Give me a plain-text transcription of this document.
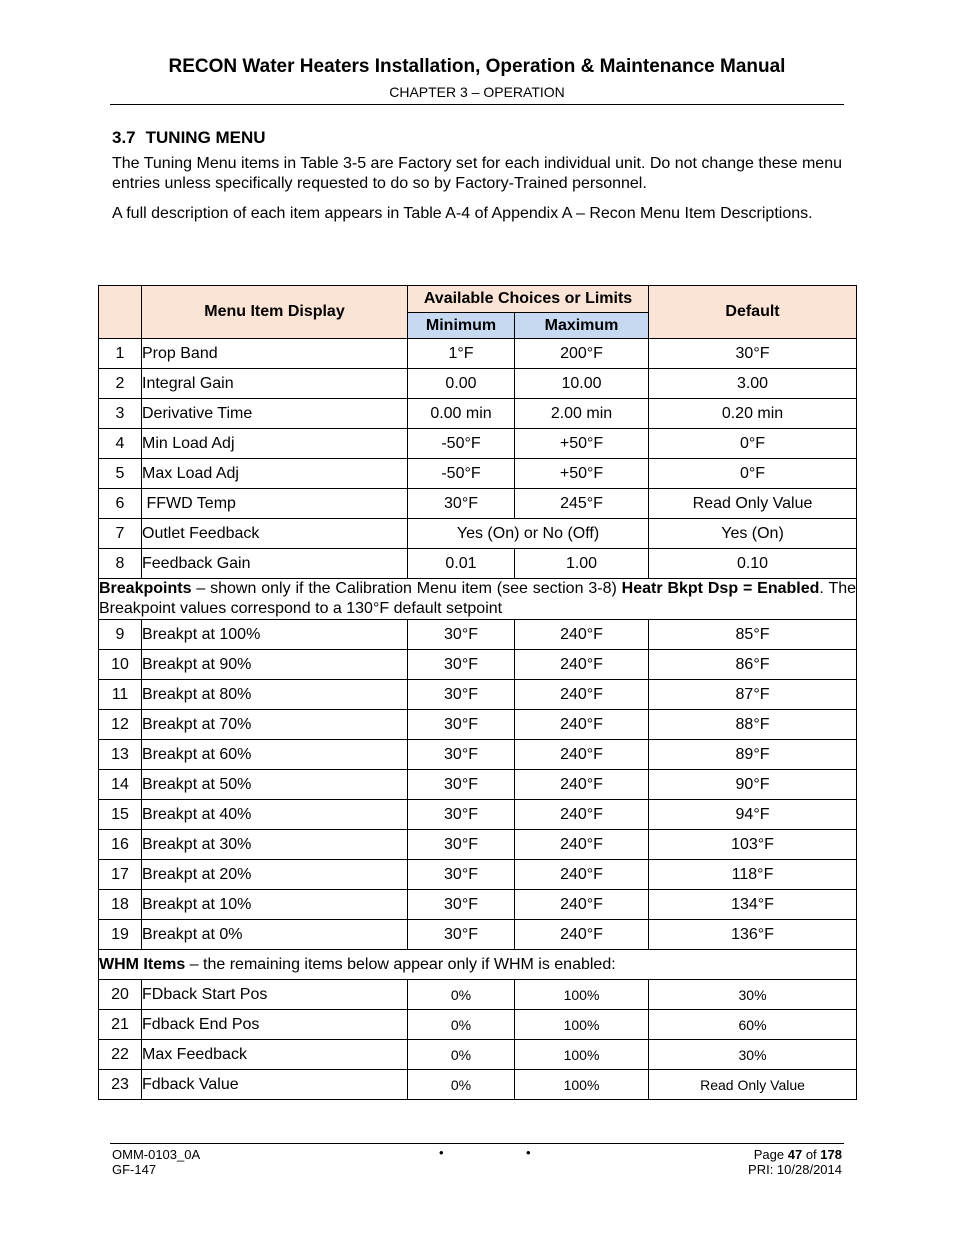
RECON Water Heaters Installation, Operation & Maintenance Manual
CHAPTER 3 – OPERATION
3.7 TUNING MENU
The Tuning Menu items in Table 3-5 are Factory set for each individual unit. Do not change these menu entries unless specifically requested to do so by Factory-Trained personnel.
A full description of each item appears in Table A-4 of Appendix A – Recon Menu Item Descriptions.
	Menu Item Display	Available Choices or Limits		Default
		Minimum	Maximum	
1	Prop Band	1°F	200°F	30°F
2	Integral Gain	0.00	10.00	3.00
3	Derivative Time	0.00 min	2.00 min	0.20 min
4	Min Load Adj	-50°F	+50°F	0°F
5	Max Load Adj	-50°F	+50°F	0°F
6	FFWD Temp	30°F	245°F	Read Only Value
7	Outlet Feedback	Yes (On) or No (Off)		Yes (On)
8	Feedback Gain	0.01	1.00	0.10
Breakpoints – shown only if the Calibration Menu item (see section 3-8) Heatr Bkpt Dsp = Enabled. The Breakpoint values correspond to a 130°F default setpoint				
9	Breakpt at 100%	30°F	240°F	85°F
10	Breakpt at 90%	30°F	240°F	86°F
11	Breakpt at 80%	30°F	240°F	87°F
12	Breakpt at 70%	30°F	240°F	88°F
13	Breakpt at 60%	30°F	240°F	89°F
14	Breakpt at 50%	30°F	240°F	90°F
15	Breakpt at 40%	30°F	240°F	94°F
16	Breakpt at 30%	30°F	240°F	103°F
17	Breakpt at 20%	30°F	240°F	118°F
18	Breakpt at 10%	30°F	240°F	134°F
19	Breakpt at 0%	30°F	240°F	136°F
WHM Items – the remaining items below appear only if WHM is enabled:				
20	FDback Start Pos	0%	100%	30%
21	Fdback End Pos	0%	100%	60%
22	Max Feedback	0%	100%	30%
23	Fdback Value	0%	100%	Read Only Value
OMM-0103_0A
GF-147
•	•	Page 47 of 178
PRI: 10/28/2014
